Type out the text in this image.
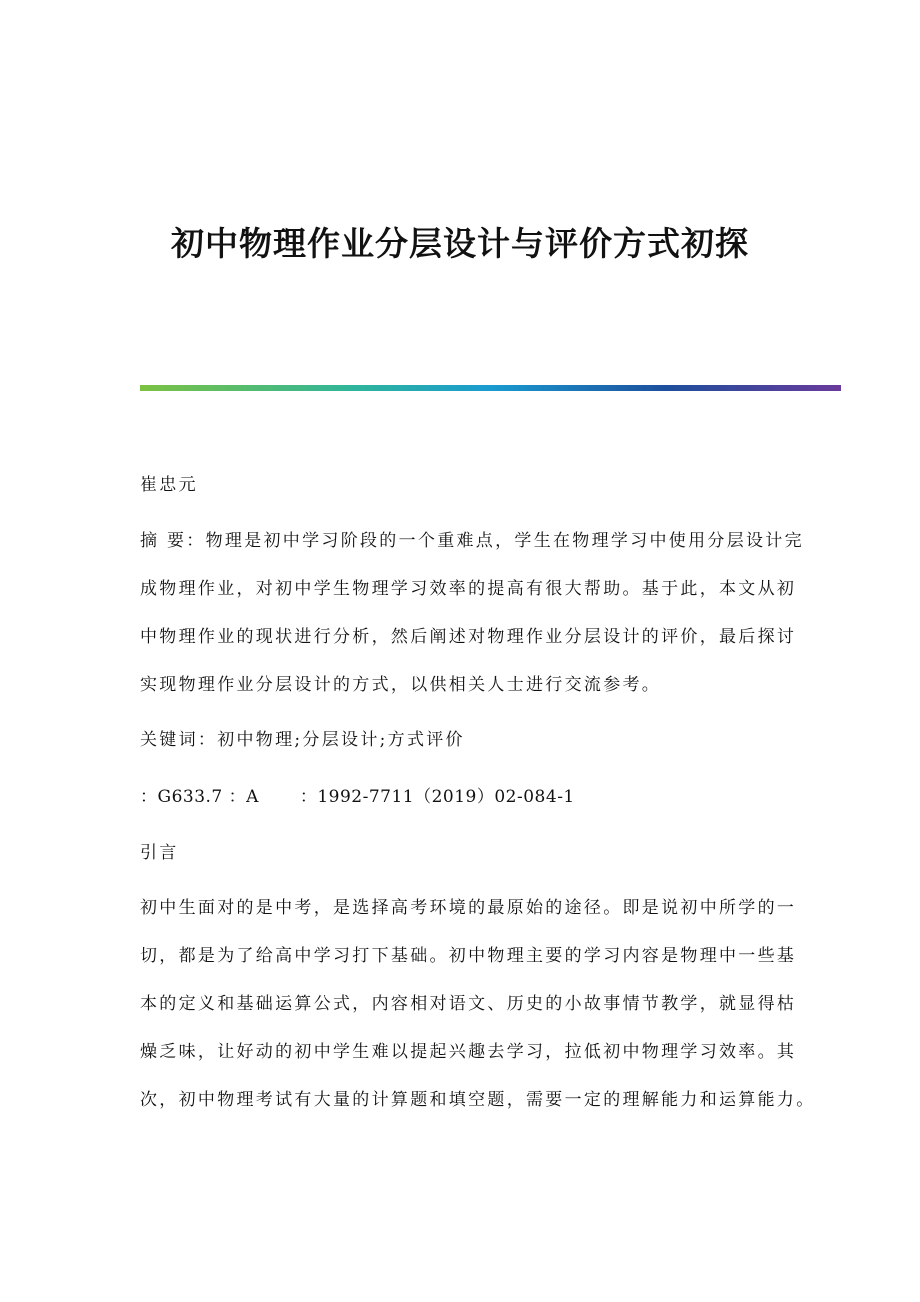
初中物理作业分层设计与评价方式初探
崔忠元
摘 要：物理是初中学习阶段的一个重难点，学生在物理学习中使用分层设计完
成物理作业，对初中学生物理学习效率的提高有很大帮助。基于此，本文从初
中物理作业的现状进行分析，然后阐述对物理作业分层设计的评价，最后探讨
实现物理作业分层设计的方式，以供相关人士进行交流参考。
关键词：初中物理;分层设计;方式评价
：G633.7 ：A　　 ：1992-7711（2019）02-084-1
引言
初中生面对的是中考，是选择高考环境的最原始的途径。即是说初中所学的一
切，都是为了给高中学习打下基础。初中物理主要的学习内容是物理中一些基
本的定义和基础运算公式，内容相对语文、历史的小故事情节教学，就显得枯
燥乏味，让好动的初中学生难以提起兴趣去学习，拉低初中物理学习效率。其
次，初中物理考试有大量的计算题和填空题，需要一定的理解能力和运算能力。
